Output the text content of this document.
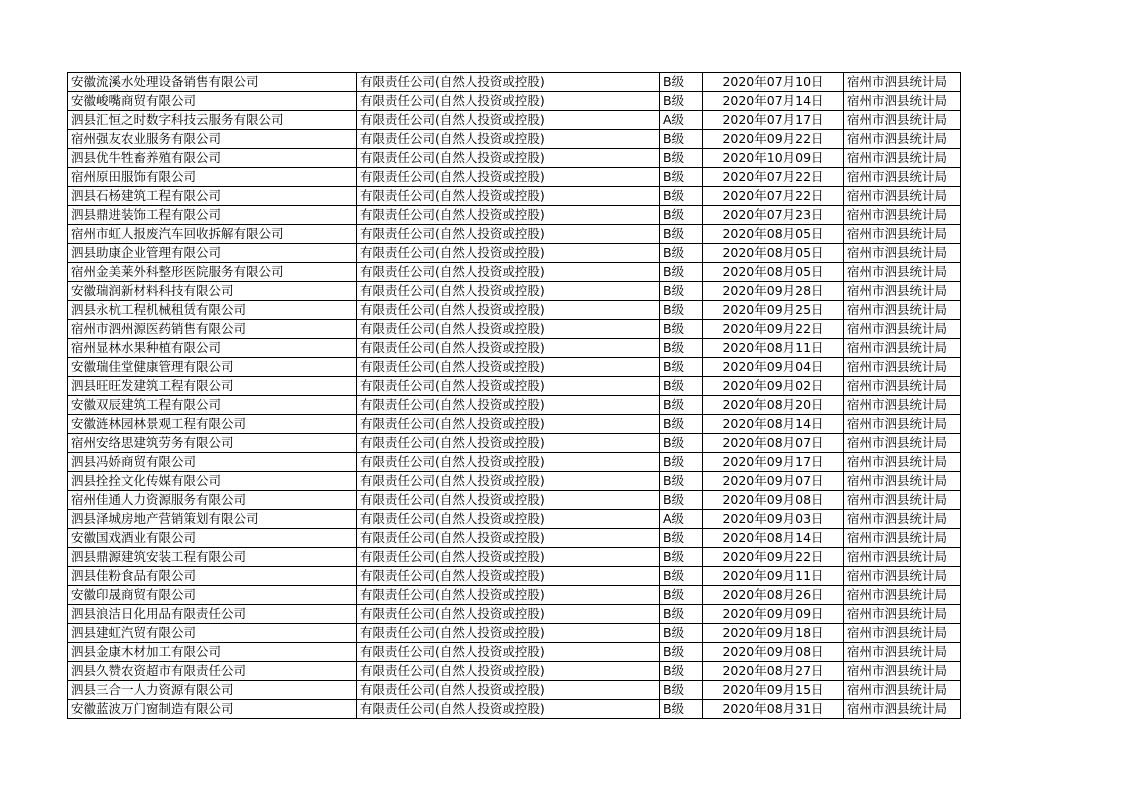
安徽流溪水处理设备销售有限公司	有限责任公司(自然人投资或控股)	B级	2020年07月10日	宿州市泗县统计局
安徽峻嘴商贸有限公司	有限责任公司(自然人投资或控股)	B级	2020年07月14日	宿州市泗县统计局
泗县汇恒之时数字科技云服务有限公司	有限责任公司(自然人投资或控股)	A级	2020年07月17日	宿州市泗县统计局
宿州强友农业服务有限公司	有限责任公司(自然人投资或控股)	B级	2020年09月22日	宿州市泗县统计局
泗县优牛牲畜养殖有限公司	有限责任公司(自然人投资或控股)	B级	2020年10月09日	宿州市泗县统计局
宿州原田服饰有限公司	有限责任公司(自然人投资或控股)	B级	2020年07月22日	宿州市泗县统计局
泗县石杨建筑工程有限公司	有限责任公司(自然人投资或控股)	B级	2020年07月22日	宿州市泗县统计局
泗县鼎进装饰工程有限公司	有限责任公司(自然人投资或控股)	B级	2020年07月23日	宿州市泗县统计局
宿州市虹人报废汽车回收拆解有限公司	有限责任公司(自然人投资或控股)	B级	2020年08月05日	宿州市泗县统计局
泗县助康企业管理有限公司	有限责任公司(自然人投资或控股)	B级	2020年08月05日	宿州市泗县统计局
宿州金美莱外科整形医院服务有限公司	有限责任公司(自然人投资或控股)	B级	2020年08月05日	宿州市泗县统计局
安徽瑞润新材料科技有限公司	有限责任公司(自然人投资或控股)	B级	2020年09月28日	宿州市泗县统计局
泗县永杭工程机械租赁有限公司	有限责任公司(自然人投资或控股)	B级	2020年09月25日	宿州市泗县统计局
宿州市泗州源医药销售有限公司	有限责任公司(自然人投资或控股)	B级	2020年09月22日	宿州市泗县统计局
宿州显林水果种植有限公司	有限责任公司(自然人投资或控股)	B级	2020年08月11日	宿州市泗县统计局
安徽瑞佳堂健康管理有限公司	有限责任公司(自然人投资或控股)	B级	2020年09月04日	宿州市泗县统计局
泗县旺旺发建筑工程有限公司	有限责任公司(自然人投资或控股)	B级	2020年09月02日	宿州市泗县统计局
安徽双辰建筑工程有限公司	有限责任公司(自然人投资或控股)	B级	2020年08月20日	宿州市泗县统计局
安徽涟林园林景观工程有限公司	有限责任公司(自然人投资或控股)	B级	2020年08月14日	宿州市泗县统计局
宿州安络思建筑劳务有限公司	有限责任公司(自然人投资或控股)	B级	2020年08月07日	宿州市泗县统计局
泗县冯娇商贸有限公司	有限责任公司(自然人投资或控股)	B级	2020年09月17日	宿州市泗县统计局
泗县拴拴文化传媒有限公司	有限责任公司(自然人投资或控股)	B级	2020年09月07日	宿州市泗县统计局
宿州佳通人力资源服务有限公司	有限责任公司(自然人投资或控股)	B级	2020年09月08日	宿州市泗县统计局
泗县泽城房地产营销策划有限公司	有限责任公司(自然人投资或控股)	A级	2020年09月03日	宿州市泗县统计局
安徽国戏酒业有限公司	有限责任公司(自然人投资或控股)	B级	2020年08月14日	宿州市泗县统计局
泗县鼎源建筑安装工程有限公司	有限责任公司(自然人投资或控股)	B级	2020年09月22日	宿州市泗县统计局
泗县佳粉食品有限公司	有限责任公司(自然人投资或控股)	B级	2020年09月11日	宿州市泗县统计局
安徽印晟商贸有限公司	有限责任公司(自然人投资或控股)	B级	2020年08月26日	宿州市泗县统计局
泗县浪洁日化用品有限责任公司	有限责任公司(自然人投资或控股)	B级	2020年09月09日	宿州市泗县统计局
泗县建虹汽贸有限公司	有限责任公司(自然人投资或控股)	B级	2020年09月18日	宿州市泗县统计局
泗县金康木材加工有限公司	有限责任公司(自然人投资或控股)	B级	2020年09月08日	宿州市泗县统计局
泗县久赞农资超市有限责任公司	有限责任公司(自然人投资或控股)	B级	2020年08月27日	宿州市泗县统计局
泗县三合一人力资源有限公司	有限责任公司(自然人投资或控股)	B级	2020年09月15日	宿州市泗县统计局
安徽蓝波万门窗制造有限公司	有限责任公司(自然人投资或控股)	B级	2020年08月31日	宿州市泗县统计局
